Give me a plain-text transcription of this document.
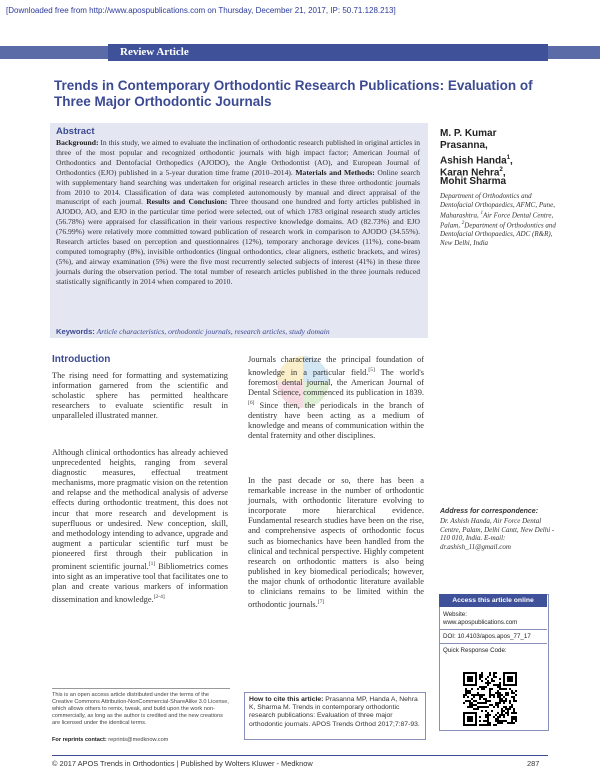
[Downloaded free from http://www.apospublications.com on Thursday, December 21, 2017, IP: 50.71.128.213]
Review Article
Trends in Contemporary Orthodontic Research Publications: Evaluation of Three Major Orthodontic Journals
Abstract
Background: In this study, we aimed to evaluate the inclination of orthodontic research published in original articles in three of the most popular and recognized orthodontic journals with high impact factor; American Journal of Orthodontics and Dentofacial Orthopedics (AJODO), the Angle Orthodontist (AO), and European Journal of Orthodontics (EJO) published in a 5-year duration time frame (2010–2014). Materials and Methods: Online search with supplementary hand searching was undertaken for original research articles in these three orthodontic journals from 2010 to 2014. Classification of data was completed autonomously by manual and direct appraisal of the manuscript of each journal. Results and Conclusion: Three thousand one hundred and forty articles published in AJODO, AO, and EJO in the particular time period were selected, out of which 1783 original research study articles (56.78%) were appraised for classification in their various respective knowledge domains. AO (82.73%) and EJO (76.99%) were relatively more committed toward publication of research work in comparison to AJODO (34.55%). Research articles based on perception and questionnaires (12%), temporary anchorage devices (11%), cone-beam computed tomography (8%), invisible orthodontics (lingual orthodontics, clear aligners, esthetic brackets, and wires) (5%), and airway examination (5%) were the five most recurrently selected subjects of interest (41%) in these three journals during the observation period. The total number of research articles published in the three journals reduced statistically significantly in 2014 when compared to 2010.
Keywords: Article characteristics, orthodontic journals, research articles, study domain
M. P. Kumar
Prasanna,
Ashish Handa$^1$,
Karan Nehra$^2$,
Mohit Sharma
Department of Orthodontics and Dentofacial Orthopaedics, AFMC, Pune, Maharashtra, $^1$Air Force Dental Centre, Palam, $^2$Department of Orthodontics and Dentofacial Orthopaedics, ADC (R&R), New Delhi, India
Introduction
The rising need for formatting and systematizing information garnered from the scientific and scholastic sphere has permitted healthcare researchers to evaluate scientific result in unparalleled illustrated manner.
Although clinical orthodontics has already achieved unprecedented heights, ranging from several diagnostic measures, effectual treatment mechanisms, more pragmatic vision on the retention and relapse and the methodical analysis of adverse effects during orthodontic treatment, this does not incur that more research and development is superfluous or undesired. New conception, skill, and methodology intending to advance, upgrade and augment a particular scientific turf must be pioneered first through their publication in prominent scientific journal.[1] Bibliometrics comes into sight as an imperative tool that facilitates one to plan and create various markers of information dissemination and knowledge.[2-4]
Journals characterize the principal foundation of knowledge in a particular field.[5] The world's foremost dental journal, the American Journal of Dental Science, commenced its publication in 1839.[6] Since then, the periodicals in the branch of dentistry have been acting as a medium of knowledge and means of communication within the dental fraternity and other disciplines.
In the past decade or so, there has been a remarkable increase in the number of orthodontic journals, with orthodontic literature evolving to incorporate more hierarchical evidence. Fundamental research studies have been on the rise, and comprehensive aspects of orthodontic focus such as biomechanics have been handled from the clinical and technical perspective. Highly competent research on orthodontic matters is also being published in key biomedical periodicals; however, the major chunk of orthodontic literature available to clinicians remains to be limited within the orthodontic journals.[7]
This is an open access article distributed under the terms of the Creative Commons Attribution-NonCommercial-ShareAlike 3.0 License, which allows others to remix, tweak, and build upon the work non-commercially, as long as the author is credited and the new creations are licensed under the identical terms.
For reprints contact: reprints@medknow.com
How to cite this article: Prasanna MP, Handa A, Nehra K, Sharma M. Trends in contemporary orthodontic research publications: Evaluation of three major orthodontic journals. APOS Trends Orthod 2017;7:87-93.
Address for correspondence:
Dr. Ashish Handa, Air Force Dental Centre, Palam, Delhi Cantt, New Delhi - 110 010, India. E-mail: dr.ashish_11@gmail.com
Access this article online
Website:
www.apospublications.com
DOI: 10.4103/apos.apos_77_17
Quick Response Code:
© 2017 APOS Trends in Orthodontics | Published by Wolters Kluwer - Medknow	287
